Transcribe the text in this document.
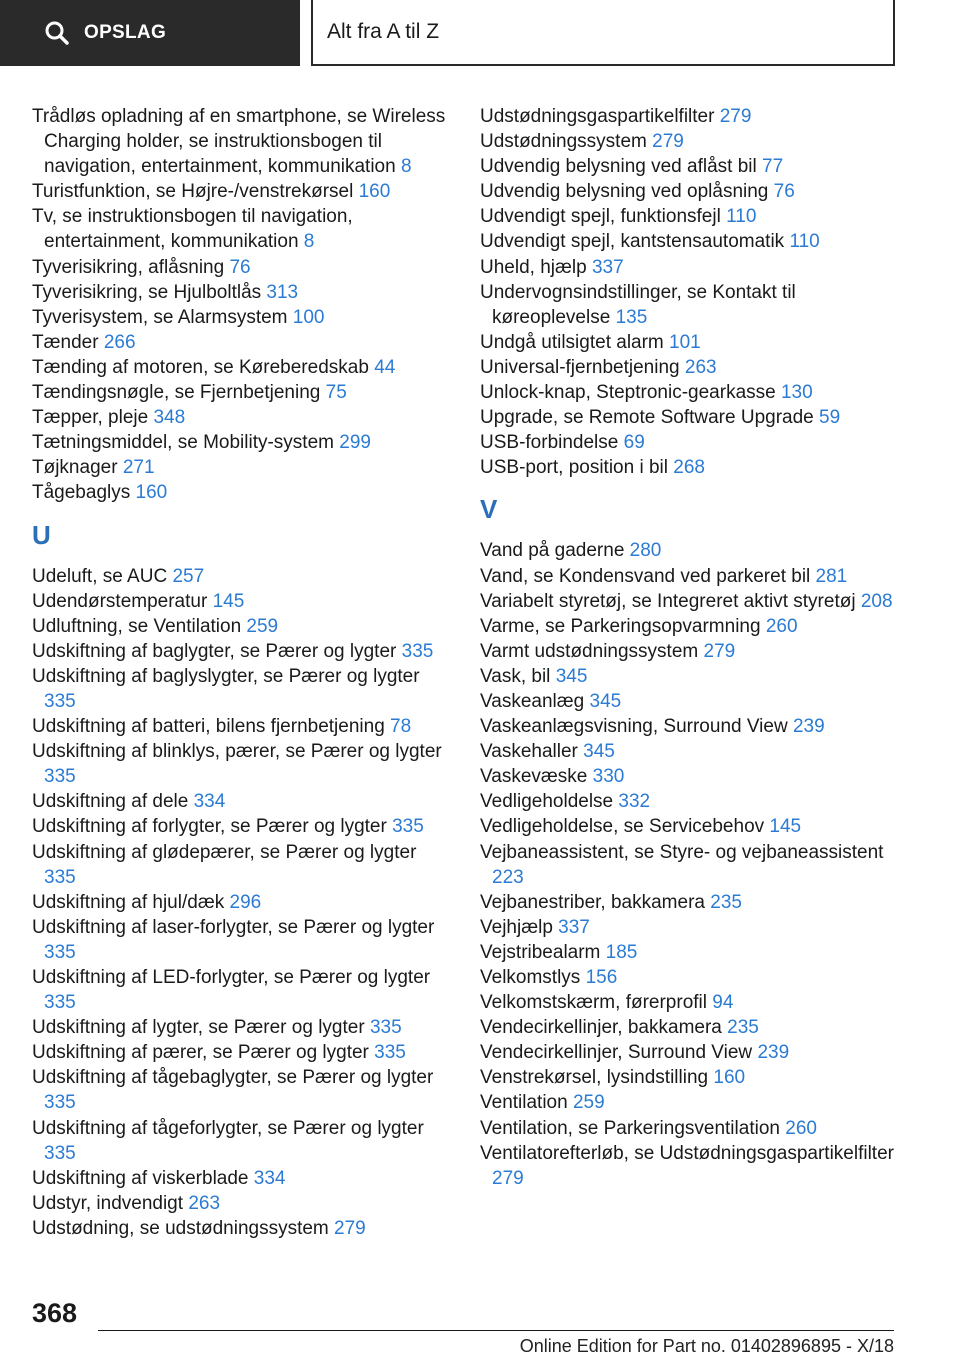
OPSLAG	Alt fra A til Z
Trådløs opladning af en smartphone, se Wireless Charging holder, se instruktionsbogen til navigation, entertainment, kommunikation 8
Turistfunktion, se Højre-/venstrekørsel 160
Tv, se instruktionsbogen til navigation, entertainment, kommunikation 8
Tyverisikring, aflåsning 76
Tyverisikring, se Hjulboltlås 313
Tyverisystem, se Alarmsystem 100
Tænder 266
Tænding af motoren, se Køreberedskab 44
Tændingsnøgle, se Fjernbetjening 75
Tæpper, pleje 348
Tætningsmiddel, se Mobility-system 299
Tøjknager 271
Tågebaglys 160
U
Udeluft, se AUC 257
Udendørstemperatur 145
Udluftning, se Ventilation 259
Udskiftning af baglygter, se Pærer og lygter 335
Udskiftning af baglyslygter, se Pærer og lygter 335
Udskiftning af batteri, bilens fjernbetjening 78
Udskiftning af blinklys, pærer, se Pærer og lygter 335
Udskiftning af dele 334
Udskiftning af forlygter, se Pærer og lygter 335
Udskiftning af glødepærer, se Pærer og lygter 335
Udskiftning af hjul/dæk 296
Udskiftning af laser-forlygter, se Pærer og lygter 335
Udskiftning af LED-forlygter, se Pærer og lygter 335
Udskiftning af lygter, se Pærer og lygter 335
Udskiftning af pærer, se Pærer og lygter 335
Udskiftning af tågebaglygter, se Pærer og lygter 335
Udskiftning af tågeforlygter, se Pærer og lygter 335
Udskiftning af viskerblade 334
Udstyr, indvendigt 263
Udstødning, se udstødningssystem 279
Udstødningsgaspartikelfilter 279
Udstødningssystem 279
Udvendig belysning ved aflåst bil 77
Udvendig belysning ved oplåsning 76
Udvendigt spejl, funktionsfejl 110
Udvendigt spejl, kantstensautomatik 110
Uheld, hjælp 337
Undervognsindstillinger, se Kontakt til køreoplevelse 135
Undgå utilsigtet alarm 101
Universal-fjernbetjening 263
Unlock-knap, Steptronic-gearkasse 130
Upgrade, se Remote Software Upgrade 59
USB-forbindelse 69
USB-port, position i bil 268
V
Vand på gaderne 280
Vand, se Kondensvand ved parkeret bil 281
Variabelt styretøj, se Integreret aktivt styretøj 208
Varme, se Parkeringsopvarmning 260
Varmt udstødningssystem 279
Vask, bil 345
Vaskeanlæg 345
Vaskeanlægsvisning, Surround View 239
Vaskehaller 345
Vaskevæske 330
Vedligeholdelse 332
Vedligeholdelse, se Servicebehov 145
Vejbaneassistent, se Styre- og vejbaneassistent 223
Vejbanestriber, bakkamera 235
Vejhjælp 337
Vejstribealarm 185
Velkomstlys 156
Velkomstskærm, førerprofil 94
Vendecirkellinjer, bakkamera 235
Vendecirkellinjer, Surround View 239
Venstrekørsel, lysindstilling 160
Ventilation 259
Ventilation, se Parkeringsventilation 260
Ventilatorefterløb, se Udstødningsgaspartikelfilter 279
368
Online Edition for Part no. 01402896895 - X/18
